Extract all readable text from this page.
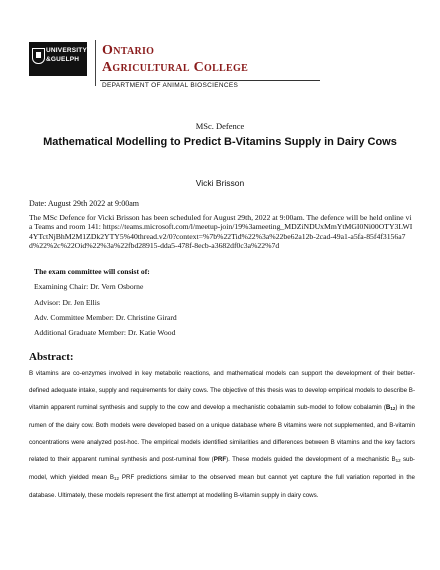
UNIVERSITY
&GUELPH
Ontario
Agricultural College
DEPARTMENT OF ANIMAL BIOSCIENCES
MSc. Defence
Mathematical Modelling to Predict B-Vitamins Supply in Dairy Cows
Vicki Brisson
Date: August 29th 2022 at 9:00am
The MSc Defence for Vicki Brisson has been scheduled for August 29th, 2022 at 9:00am. The defence will be held online via Teams and room 141: https://teams.microsoft.com/l/meetup-join/19%3ameeting_MDZiNDUxMmYtMGI0Ni00OTY3LWI4YTctNjBhM2M1ZDk2YTY5%40thread.v2/0?context=%7b%22Tid%22%3a%22be62a12b-2cad-49a1-a5fa-85f4f3156a7d%22%2c%22Oid%22%3a%22fbd28915-dda5-478f-8ecb-a3682df0c3a%22%7d
The exam committee will consist of:
Examining Chair: Dr. Vern Osborne
Advisor: Dr. Jen Ellis
Adv. Committee Member: Dr. Christine Girard
Additional Graduate Member: Dr. Katie Wood
Abstract:
B vitamins are co-enzymes involved in key metabolic reactions, and mathematical models can support the development of their better-defined adequate intake, supply and requirements for dairy cows. The objective of this thesis was to develop empirical models to describe B-vitamin apparent ruminal synthesis and supply to the cow and develop a mechanistic cobalamin sub-model to follow cobalamin $(B_{12})$ in the rumen of the dairy cow. Both models were developed based on a unique database where B vitamins were not supplemented, and B-vitamin concentrations were analyzed post-hoc. The empirical models identified similarities and differences between B vitamins and the key factors related to their apparent ruminal synthesis and post-ruminal flow (PRF). These models guided the development of a mechanistic $B_{12}$ sub-model, which yielded mean $B_{12}$ PRF predictions similar to the observed mean but cannot yet capture the full variation reported in the database. Ultimately, these models represent the first attempt at modelling B-vitamin supply in dairy cows.
